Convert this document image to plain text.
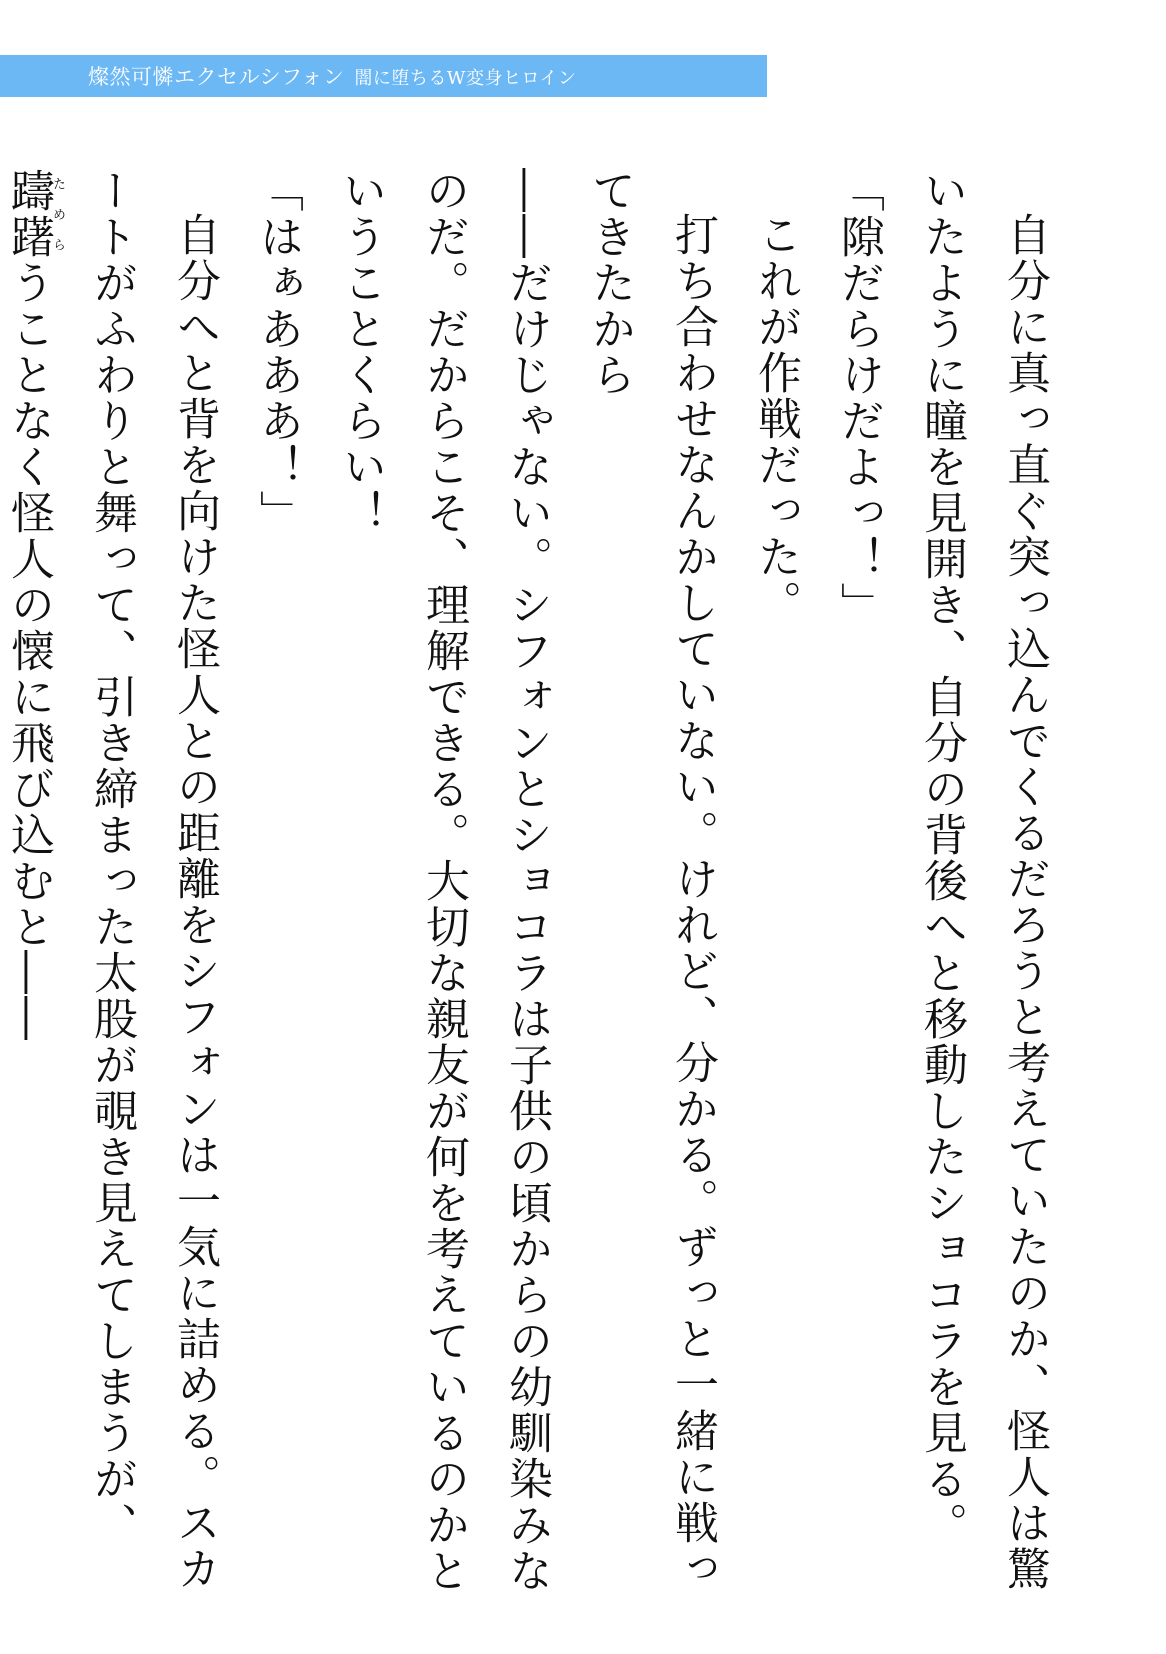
燦然可憐エクセルシフォン 闇に堕ちるW変身ヒロイン

自分に真っ直ぐ突っ込んでくるだろうと考えていたのか、怪人は驚いたように瞳を見開き、自分の背後へと移動したショコラを見る。

「隙だらけだよっ！」

これが作戦だった。

打ち合わせなんかしていない。けれど、分かる。ずっと一緒に戦ってきたから

――だけじゃない。シフォンとショコラは子供の頃からの幼馴染みなのだ。だからこそ、理解できる。大切な親友が何を考えているのかということくらい！

「はぁあああ！」

自分へと背を向けた怪人との距離をシフォンは一気に詰める。スカートがふわりと舞って、引き締まった太股が覗き見えてしまうが、躊躇ためらうことなく怪人の懐に飛び込むと――
